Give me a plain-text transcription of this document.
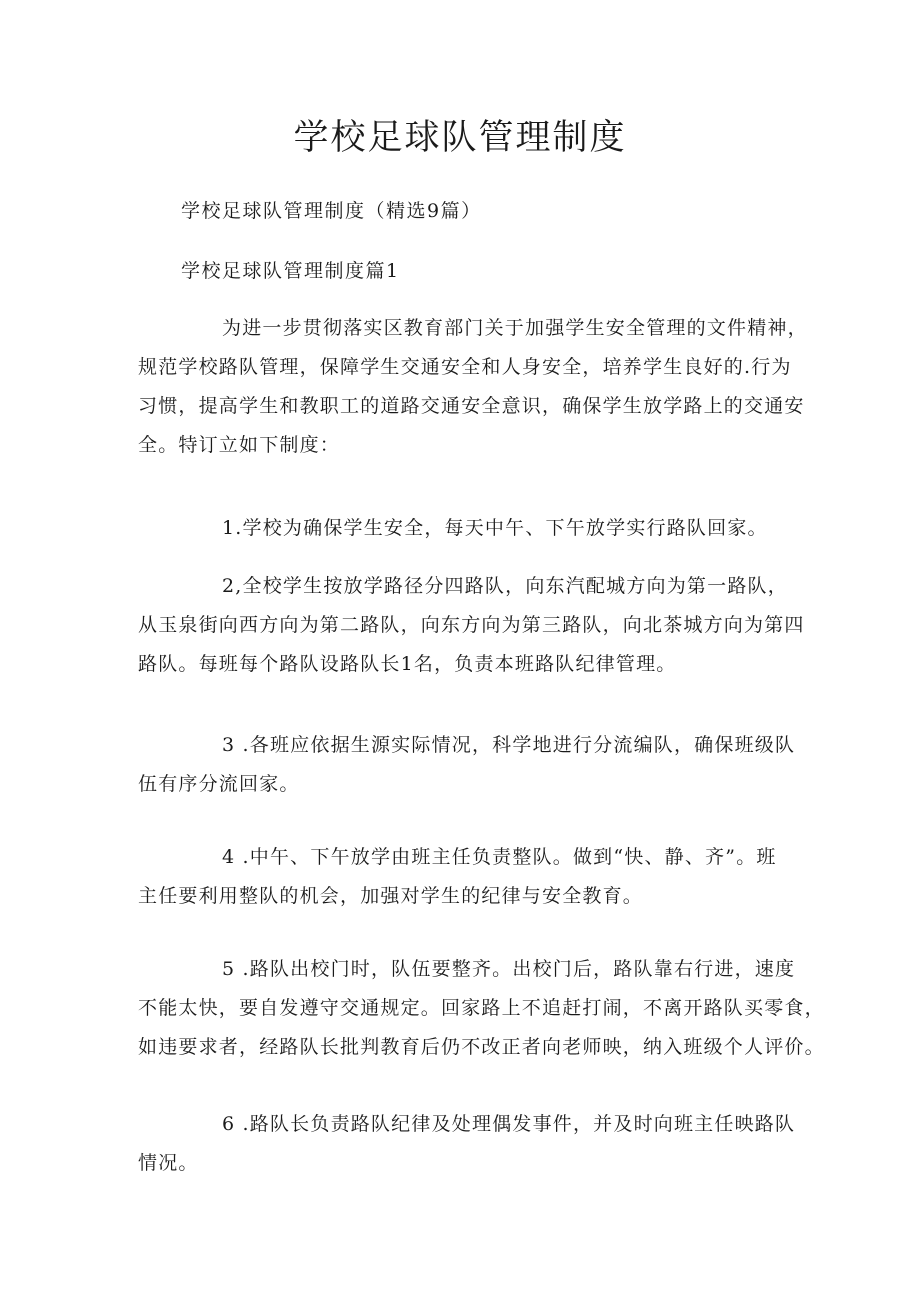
学校足球队管理制度

学校足球队管理制度（精选9篇）

学校足球队管理制度篇1

为进一步贯彻落实区教育部门关于加强学生安全管理的文件精神，
规范学校路队管理，保障学生交通安全和人身安全，培养学生良好的.行为
习惯，提高学生和教职工的道路交通安全意识，确保学生放学路上的交通安
全。特订立如下制度：
1.学校为确保学生安全，每天中午、下午放学实行路队回家。
2,全校学生按放学路径分四路队，向东汽配城方向为第一路队，
从玉泉街向西方向为第二路队，向东方向为第三路队，向北茶城方向为第四
路队。每班每个路队设路队长1名，负责本班路队纪律管理。
3 .各班应依据生源实际情况，科学地进行分流编队，确保班级队
伍有序分流回家。
4 .中午、下午放学由班主任负责整队。做到“快、静、齐”。班
主任要利用整队的机会，加强对学生的纪律与安全教育。
5 .路队出校门时，队伍要整齐。出校门后，路队靠右行进，速度
不能太快，要自发遵守交通规定。回家路上不追赶打闹，不离开路队买零食，
如违要求者，经路队长批判教育后仍不改正者向老师映，纳入班级个人评价。
6 .路队长负责路队纪律及处理偶发事件，并及时向班主任映路队
情况。
